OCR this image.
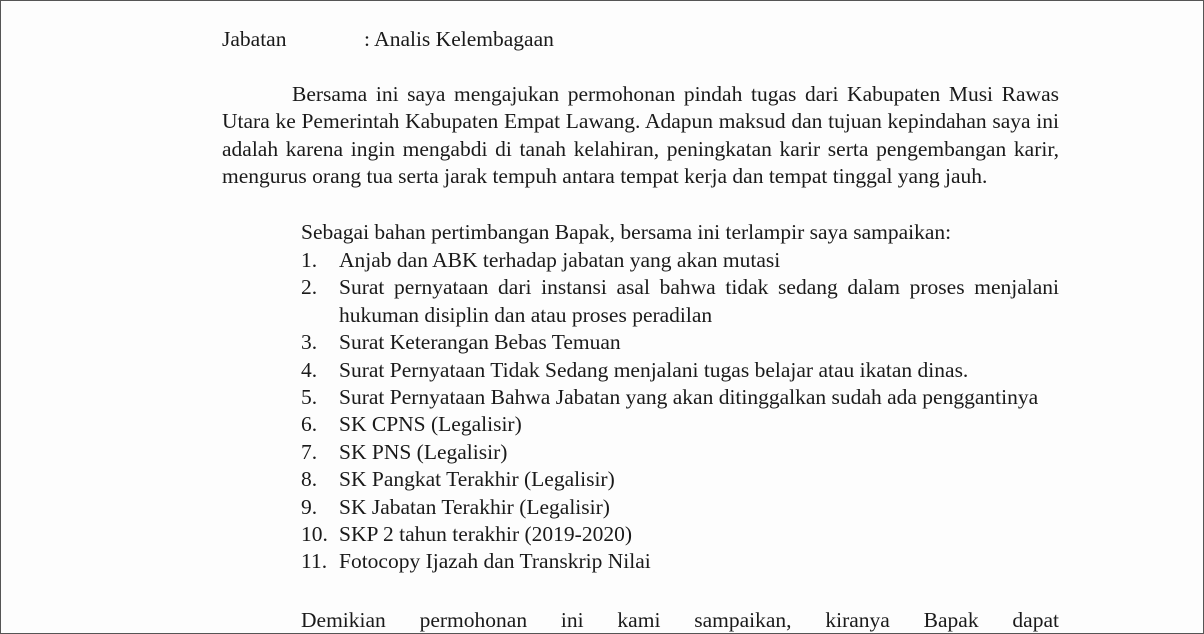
Jabatan	: Analis Kelembagaan
Bersama ini saya mengajukan permohonan pindah tugas dari Kabupaten Musi Rawas Utara ke Pemerintah Kabupaten Empat Lawang. Adapun maksud dan tujuan kepindahan saya ini adalah karena ingin mengabdi di tanah kelahiran, peningkatan karir serta pengembangan karir, mengurus orang tua serta jarak tempuh antara tempat kerja dan tempat tinggal yang jauh.
Sebagai bahan pertimbangan Bapak, bersama ini terlampir saya sampaikan:
1.	Anjab dan ABK terhadap jabatan yang akan mutasi
2.	Surat pernyataan dari instansi asal bahwa tidak sedang dalam proses menjalani hukuman disiplin dan atau proses peradilan
3.	Surat Keterangan Bebas Temuan
4.	Surat Pernyataan Tidak Sedang menjalani tugas belajar atau ikatan dinas.
5.	Surat Pernyataan Bahwa Jabatan yang akan ditinggalkan sudah ada penggantinya
6.	SK CPNS (Legalisir)
7.	SK PNS (Legalisir)
8.	SK Pangkat Terakhir (Legalisir)
9.	SK Jabatan Terakhir (Legalisir)
10. SKP 2 tahun terakhir (2019-2020)
11. Fotocopy Ijazah dan Transkrip Nilai
Demikian permohonan ini kami sampaikan, kiranya Bapak dapat
